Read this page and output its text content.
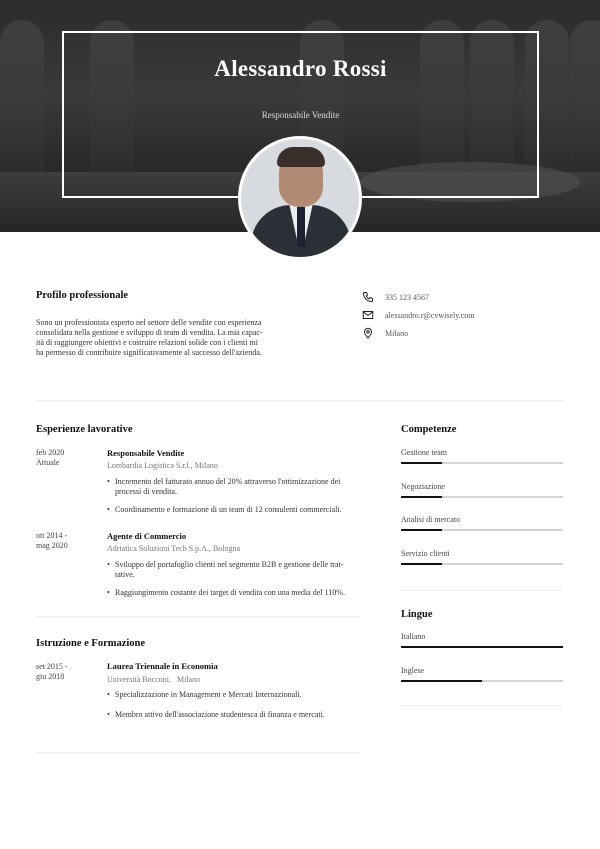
Alessandro Rossi
Responsabile Vendite
Profilo professionale
Sono un professionista esperto nel settore delle vendite con esperienza
consolidata nella gestione e sviluppo di team di vendita. La mia capac-
ità di raggiungere obiettivi e costruire relazioni solide con i clienti mi
ha permesso di contribuire significativamente al successo dell'azienda.
335 123 4567
alessandro.r@cvwisely.com
Milano
Esperienze lavorative
feb 2020
Attuale
Responsabile Vendite
Lombardia Logistica S.r.l., Milano
• Incremento del fatturato annuo del 20% attraverso l'ottimizzazione dei
processi di vendita.
• Coordinamento e formazione di un team di 12 consulenti commerciali.
ott 2014 -
mag 2020
Agente di Commercio
Adriatica Soluzioni Tech S.p.A., Bologna
• Sviluppo del portafoglio clienti nel segmento B2B e gestione delle trat-
tative.
• Raggiungimento costante dei target di vendita con una media del 110%.
Istruzione e Formazione
set 2015 -
giu 2018
Laurea Triennale in Economia
Università Bocconi,   Milano
• Specializzazione in Management e Mercati Internazionali.
• Membro attivo dell'associazione studentesca di finanza e mercati.
Competenze
Gestione team
Negoziazione
Analisi di mercato
Servizio clienti
Lingue
Italiano
Inglese
